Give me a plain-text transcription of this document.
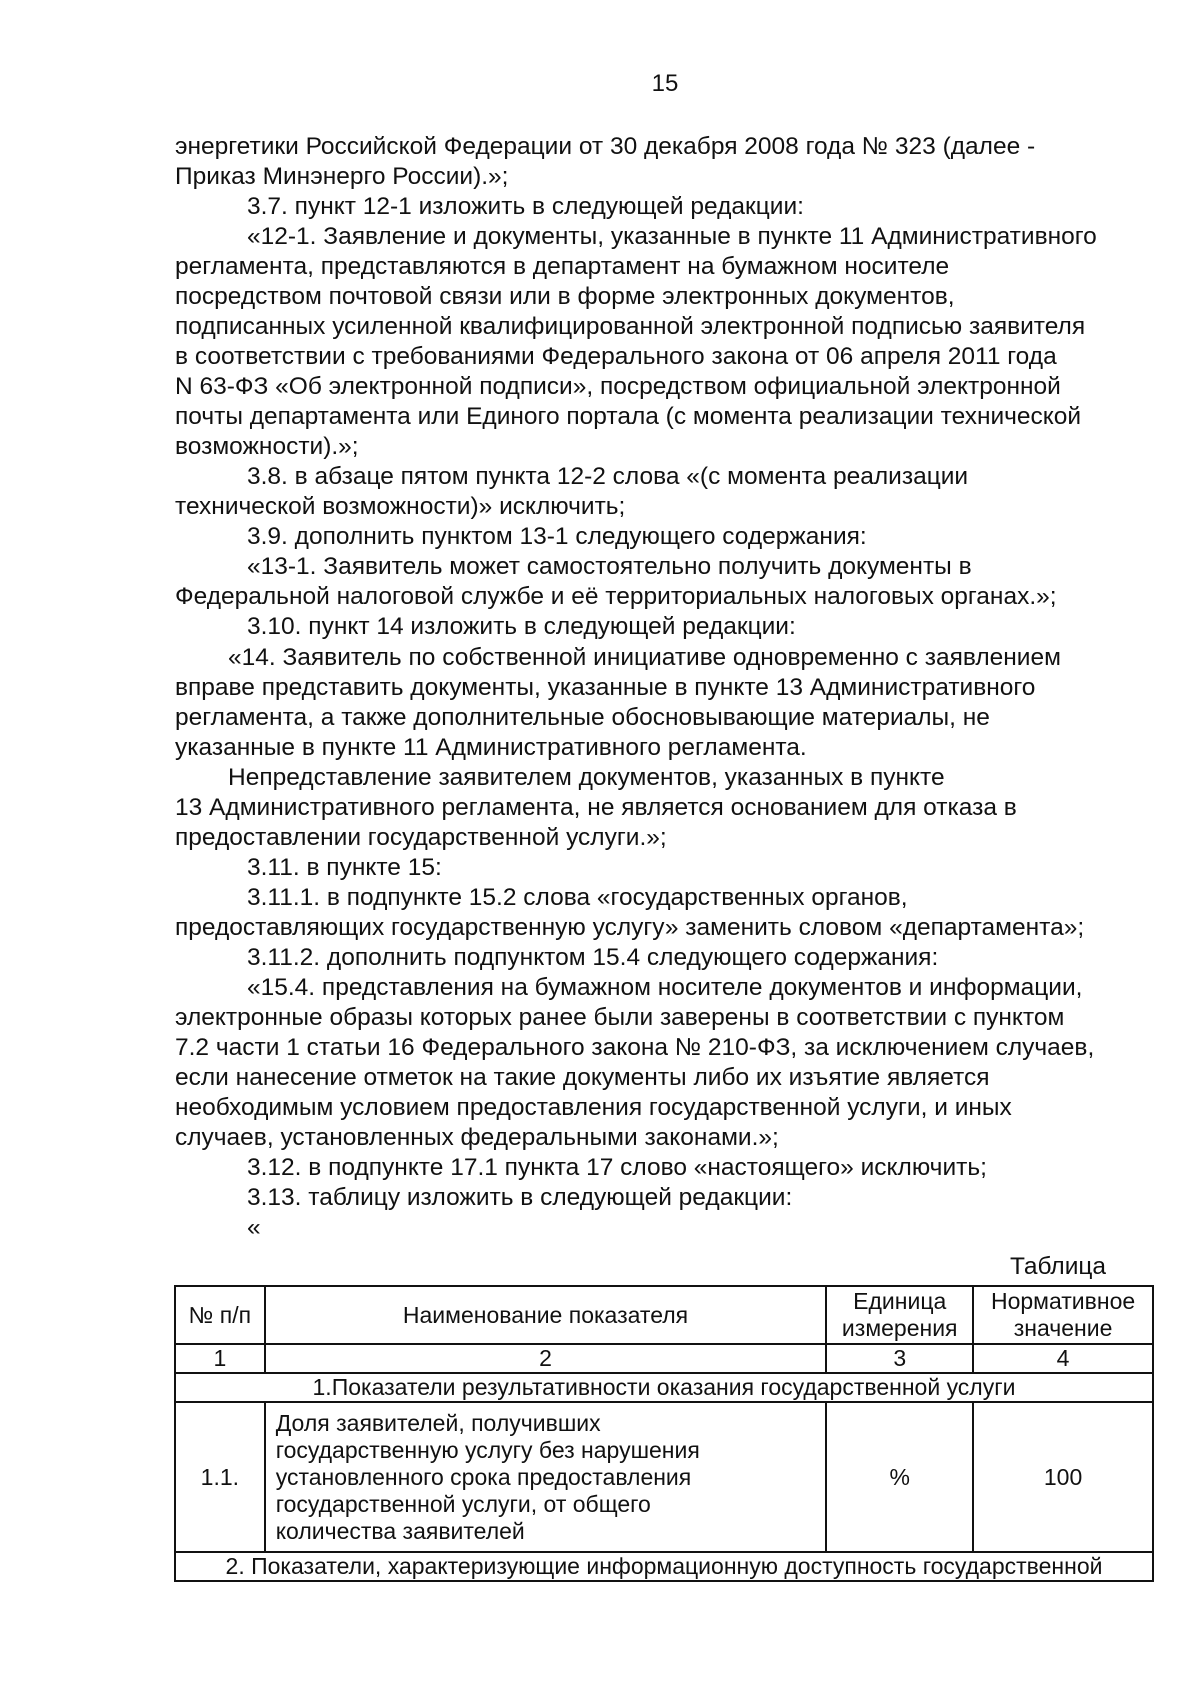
15
энергетики Российской Федерации от 30 декабря 2008 года № 323 (далее -
Приказ Минэнерго России).»;
3.7. пункт 12-1 изложить в следующей редакции:
«12-1. Заявление и документы, указанные в пункте 11 Административного
регламента, представляются в департамент на бумажном носителе
посредством почтовой связи или в форме электронных документов,
подписанных усиленной квалифицированной электронной подписью заявителя
в соответствии с требованиями Федерального закона от 06 апреля 2011 года
N 63-ФЗ «Об электронной подписи», посредством официальной электронной
почты департамента или Единого портала (с момента реализации технической
возможности).»;
3.8. в абзаце пятом пункта 12-2 слова «(с момента реализации
технической возможности)» исключить;
3.9. дополнить пунктом 13-1 следующего содержания:
«13-1. Заявитель может самостоятельно получить документы в
Федеральной налоговой службе и её территориальных налоговых органах.»;
3.10. пункт 14 изложить в следующей редакции:
«14. Заявитель по собственной инициативе одновременно с заявлением
вправе представить документы, указанные в пункте 13 Административного
регламента, а также дополнительные обосновывающие материалы, не
указанные в пункте 11 Административного регламента.
Непредставление заявителем документов, указанных в пункте
13 Административного регламента, не является основанием для отказа в
предоставлении государственной услуги.»;
3.11. в пункте 15:
3.11.1. в подпункте 15.2 слова «государственных органов,
предоставляющих государственную услугу» заменить словом «департамента»;
3.11.2. дополнить подпунктом 15.4 следующего содержания:
«15.4. представления на бумажном носителе документов и информации,
электронные образы которых ранее были заверены в соответствии с пунктом
7.2 части 1 статьи 16 Федерального закона № 210-ФЗ, за исключением случаев,
если нанесение отметок на такие документы либо их изъятие является
необходимым условием предоставления государственной услуги, и иных
случаев, установленных федеральными законами.»;
3.12. в подпункте 17.1 пункта 17 слово «настоящего» исключить;
3.13. таблицу изложить в следующей редакции:
«
Таблица
№ п/п	Наименование показателя	Единица измерения	Нормативное значение
1	2	3	4
1.Показатели результативности оказания государственной услуги			
1.1.	Доля заявителей, получивших
государственную услугу без нарушения
установленного срока предоставления
государственной услуги, от общего
количества заявителей	%	100
2. Показатели, характеризующие информационную доступность государственной			
